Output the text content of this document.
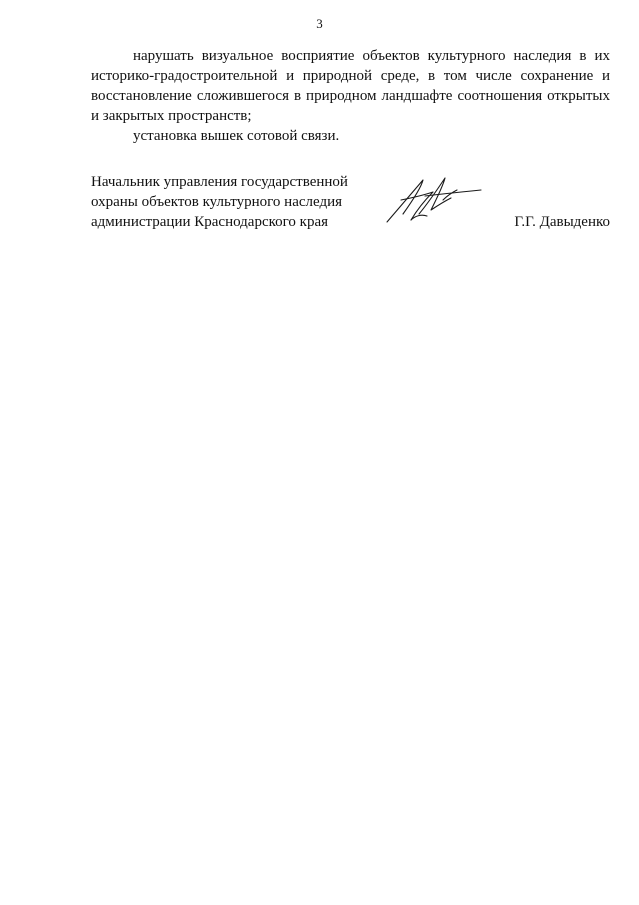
3

нарушать визуальное восприятие объектов культурного наследия в их историко-градостроительной и природной среде, в том числе сохранение и восстановление сложившегося в природном ландшафте соотношения открытых и закрытых пространств;

установка вышек сотовой связи.

Начальник управления государственной
охраны объектов культурного наследия
администрации Краснодарского края	Г.Г. Давыденко
